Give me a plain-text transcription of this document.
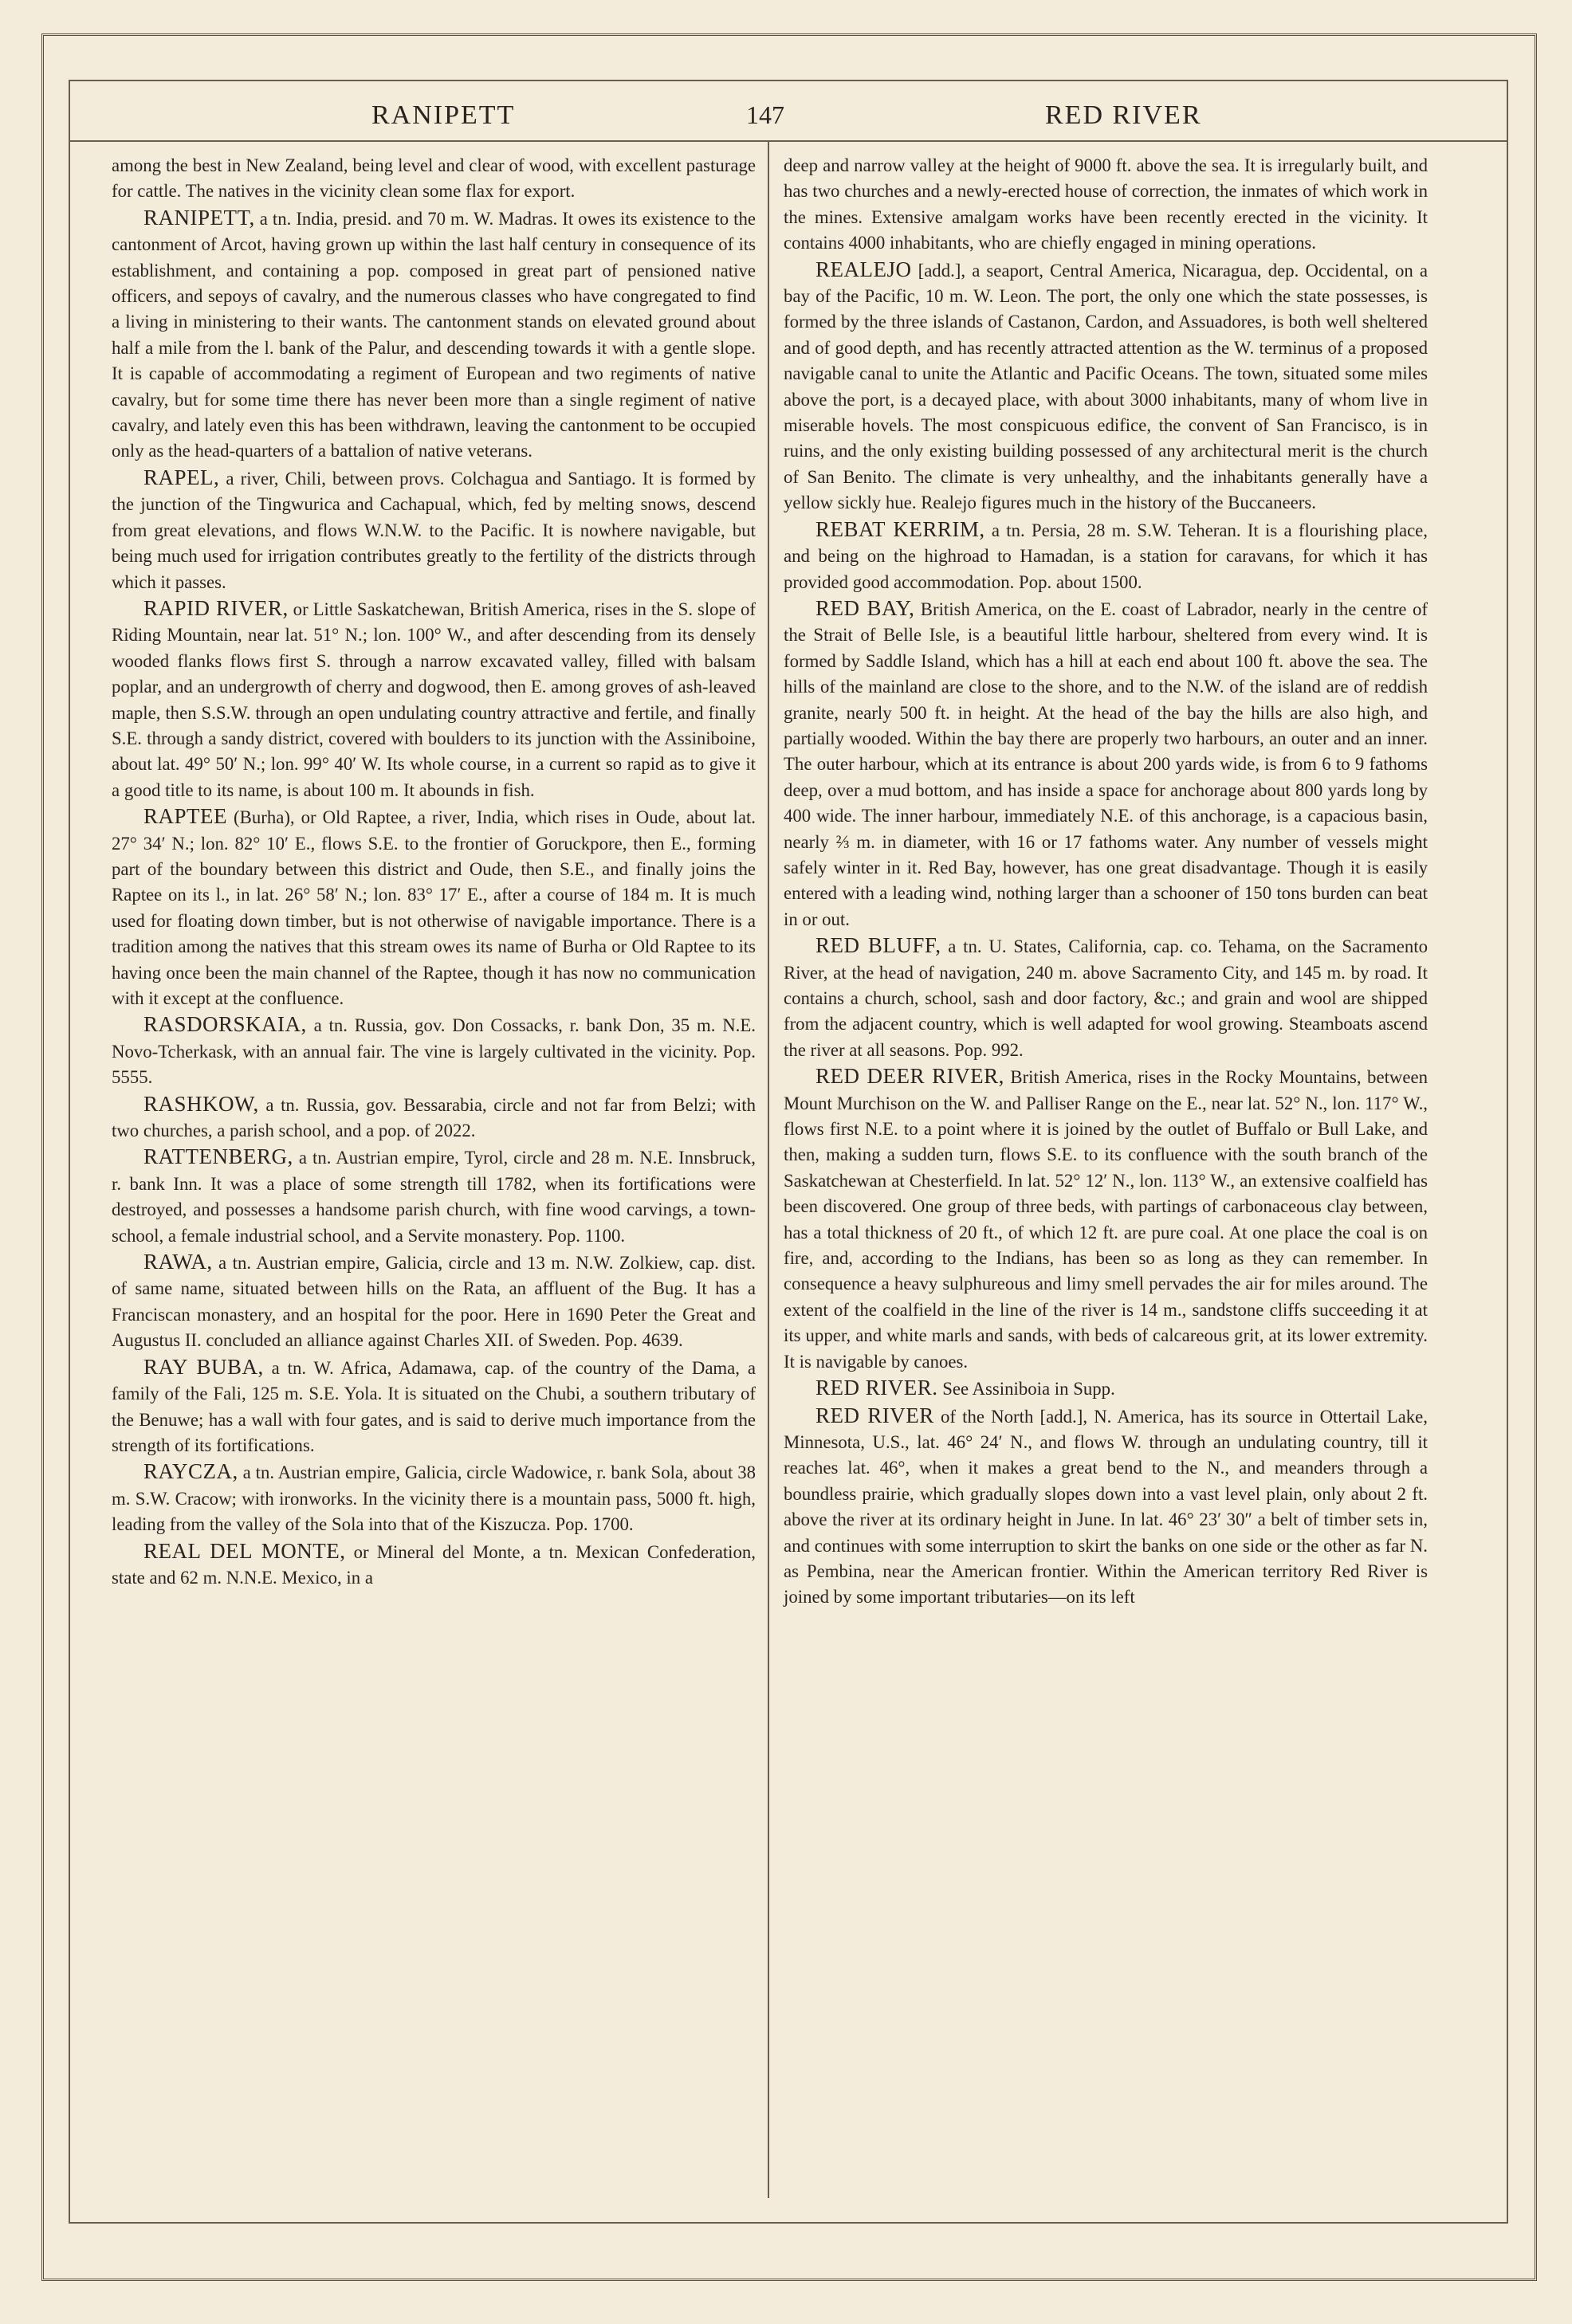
RANIPETT	147	RED RIVER

among the best in New Zealand, being level and clear of wood, with excellent pasturage for cattle. The natives in the vicinity clean some flax for export.

RANIPETT, a tn. India, presid. and 70 m. W. Madras. It owes its existence to the cantonment of Arcot, having grown up within the last half century in consequence of its establishment, and containing a pop. composed in great part of pensioned native officers, and sepoys of cavalry, and the numerous classes who have congregated to find a living in ministering to their wants. The cantonment stands on elevated ground about half a mile from the l. bank of the Palur, and descending towards it with a gentle slope. It is capable of accommodating a regiment of European and two regiments of native cavalry, but for some time there has never been more than a single regiment of native cavalry, and lately even this has been withdrawn, leaving the cantonment to be occupied only as the head-quarters of a battalion of native veterans.

RAPEL, a river, Chili, between provs. Colchagua and Santiago. It is formed by the junction of the Tingwurica and Cachapual, which, fed by melting snows, descend from great elevations, and flows W.N.W. to the Pacific. It is nowhere navigable, but being much used for irrigation contributes greatly to the fertility of the districts through which it passes.

RAPID RIVER, or Little Saskatchewan, British America, rises in the S. slope of Riding Mountain, near lat. 51° N.; lon. 100° W., and after descending from its densely wooded flanks flows first S. through a narrow excavated valley, filled with balsam poplar, and an undergrowth of cherry and dogwood, then E. among groves of ash-leaved maple, then S.S.W. through an open undulating country attractive and fertile, and finally S.E. through a sandy district, covered with boulders to its junction with the Assiniboine, about lat. 49° 50′ N.; lon. 99° 40′ W. Its whole course, in a current so rapid as to give it a good title to its name, is about 100 m. It abounds in fish.

RAPTEE (Burha), or Old Raptee, a river, India, which rises in Oude, about lat. 27° 34′ N.; lon. 82° 10′ E., flows S.E. to the frontier of Goruckpore, then E., forming part of the boundary between this district and Oude, then S.E., and finally joins the Raptee on its l., in lat. 26° 58′ N.; lon. 83° 17′ E., after a course of 184 m. It is much used for floating down timber, but is not otherwise of navigable importance. There is a tradition among the natives that this stream owes its name of Burha or Old Raptee to its having once been the main channel of the Raptee, though it has now no communication with it except at the confluence.

RASDORSKAIA, a tn. Russia, gov. Don Cossacks, r. bank Don, 35 m. N.E. Novo-Tcherkask, with an annual fair. The vine is largely cultivated in the vicinity. Pop. 5555.

RASHKOW, a tn. Russia, gov. Bessarabia, circle and not far from Belzi; with two churches, a parish school, and a pop. of 2022.

RATTENBERG, a tn. Austrian empire, Tyrol, circle and 28 m. N.E. Innsbruck, r. bank Inn. It was a place of some strength till 1782, when its fortifications were destroyed, and possesses a handsome parish church, with fine wood carvings, a town-school, a female industrial school, and a Servite monastery. Pop. 1100.

RAWA, a tn. Austrian empire, Galicia, circle and 13 m. N.W. Zolkiew, cap. dist. of same name, situated between hills on the Rata, an affluent of the Bug. It has a Franciscan monastery, and an hospital for the poor. Here in 1690 Peter the Great and Augustus II. concluded an alliance against Charles XII. of Sweden. Pop. 4639.

RAY BUBA, a tn. W. Africa, Adamawa, cap. of the country of the Dama, a family of the Fali, 125 m. S.E. Yola. It is situated on the Chubi, a southern tributary of the Benuwe; has a wall with four gates, and is said to derive much importance from the strength of its fortifications.

RAYCZA, a tn. Austrian empire, Galicia, circle Wadowice, r. bank Sola, about 38 m. S.W. Cracow; with ironworks. In the vicinity there is a mountain pass, 5000 ft. high, leading from the valley of the Sola into that of the Kiszucza. Pop. 1700.

REAL DEL MONTE, or Mineral del Monte, a tn. Mexican Confederation, state and 62 m. N.N.E. Mexico, in a

deep and narrow valley at the height of 9000 ft. above the sea. It is irregularly built, and has two churches and a newly-erected house of correction, the inmates of which work in the mines. Extensive amalgam works have been recently erected in the vicinity. It contains 4000 inhabitants, who are chiefly engaged in mining operations.

REALEJO [add.], a seaport, Central America, Nicaragua, dep. Occidental, on a bay of the Pacific, 10 m. W. Leon. The port, the only one which the state possesses, is formed by the three islands of Castanon, Cardon, and Assuadores, is both well sheltered and of good depth, and has recently attracted attention as the W. terminus of a proposed navigable canal to unite the Atlantic and Pacific Oceans. The town, situated some miles above the port, is a decayed place, with about 3000 inhabitants, many of whom live in miserable hovels. The most conspicuous edifice, the convent of San Francisco, is in ruins, and the only existing building possessed of any architectural merit is the church of San Benito. The climate is very unhealthy, and the inhabitants generally have a yellow sickly hue. Realejo figures much in the history of the Buccaneers.

REBAT KERRIM, a tn. Persia, 28 m. S.W. Teheran. It is a flourishing place, and being on the highroad to Hamadan, is a station for caravans, for which it has provided good accommodation. Pop. about 1500.

RED BAY, British America, on the E. coast of Labrador, nearly in the centre of the Strait of Belle Isle, is a beautiful little harbour, sheltered from every wind. It is formed by Saddle Island, which has a hill at each end about 100 ft. above the sea. The hills of the mainland are close to the shore, and to the N.W. of the island are of reddish granite, nearly 500 ft. in height. At the head of the bay the hills are also high, and partially wooded. Within the bay there are properly two harbours, an outer and an inner. The outer harbour, which at its entrance is about 200 yards wide, is from 6 to 9 fathoms deep, over a mud bottom, and has inside a space for anchorage about 800 yards long by 400 wide. The inner harbour, immediately N.E. of this anchorage, is a capacious basin, nearly ⅔ m. in diameter, with 16 or 17 fathoms water. Any number of vessels might safely winter in it. Red Bay, however, has one great disadvantage. Though it is easily entered with a leading wind, nothing larger than a schooner of 150 tons burden can beat in or out.

RED BLUFF, a tn. U. States, California, cap. co. Tehama, on the Sacramento River, at the head of navigation, 240 m. above Sacramento City, and 145 m. by road. It contains a church, school, sash and door factory, &c.; and grain and wool are shipped from the adjacent country, which is well adapted for wool growing. Steamboats ascend the river at all seasons. Pop. 992.

RED DEER RIVER, British America, rises in the Rocky Mountains, between Mount Murchison on the W. and Palliser Range on the E., near lat. 52° N., lon. 117° W., flows first N.E. to a point where it is joined by the outlet of Buffalo or Bull Lake, and then, making a sudden turn, flows S.E. to its confluence with the south branch of the Saskatchewan at Chesterfield. In lat. 52° 12′ N., lon. 113° W., an extensive coalfield has been discovered. One group of three beds, with partings of carbonaceous clay between, has a total thickness of 20 ft., of which 12 ft. are pure coal. At one place the coal is on fire, and, according to the Indians, has been so as long as they can remember. In consequence a heavy sulphureous and limy smell pervades the air for miles around. The extent of the coalfield in the line of the river is 14 m., sandstone cliffs succeeding it at its upper, and white marls and sands, with beds of calcareous grit, at its lower extremity. It is navigable by canoes.

RED RIVER. See Assiniboia in Supp.

RED RIVER of the North [add.], N. America, has its source in Ottertail Lake, Minnesota, U.S., lat. 46° 24′ N., and flows W. through an undulating country, till it reaches lat. 46°, when it makes a great bend to the N., and meanders through a boundless prairie, which gradually slopes down into a vast level plain, only about 2 ft. above the river at its ordinary height in June. In lat. 46° 23′ 30″ a belt of timber sets in, and continues with some interruption to skirt the banks on one side or the other as far N. as Pembina, near the American frontier. Within the American territory Red River is joined by some important tributaries—on its left
